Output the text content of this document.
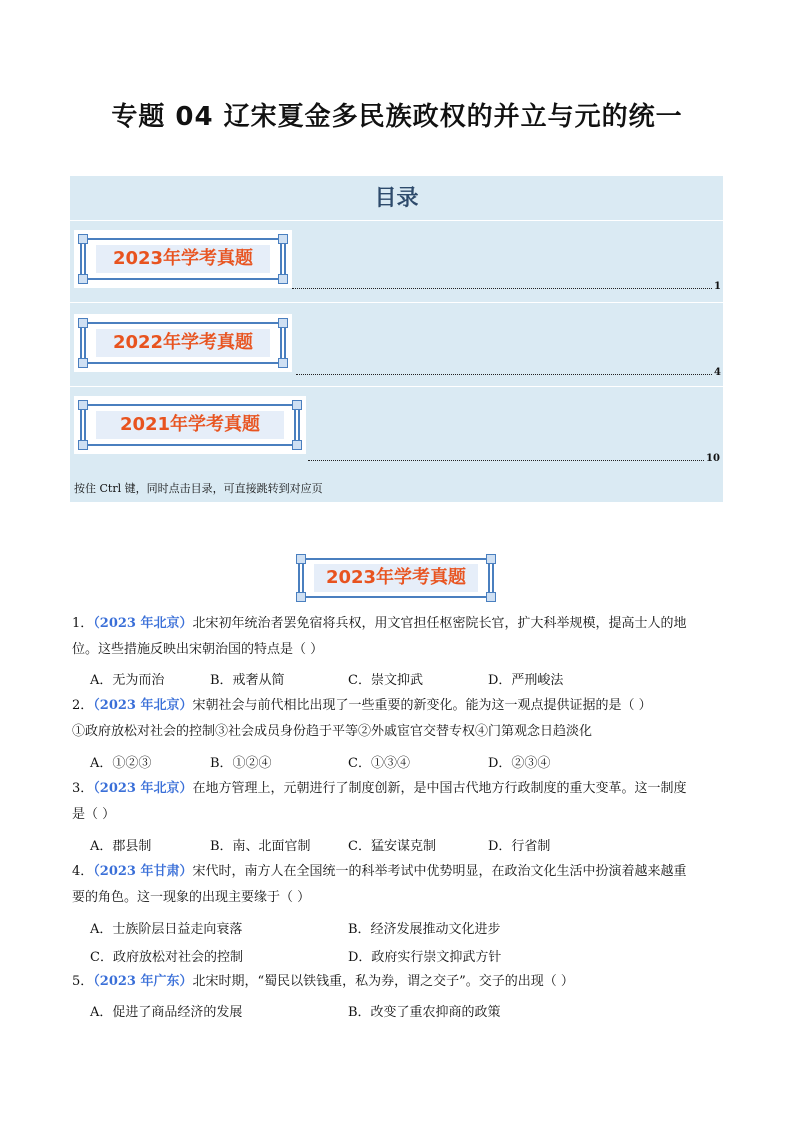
专题 04 辽宋夏金多民族政权的并立与元的统一
目录
2023年学考真题
1
2022年学考真题
4
2021年学考真题
10
按住 Ctrl 键，同时点击目录，可直接跳转到对应页
2023年学考真题
1．（2023 年北京）北宋初年统治者罢免宿将兵权，用文官担任枢密院长官，扩大科举规模，提高士人的地
位。这些措施反映出宋朝治国的特点是（ ）
A．无为而治	B．戒奢从简	C．崇文抑武	D．严刑峻法
2．（2023 年北京）宋朝社会与前代相比出现了一些重要的新变化。能为这一观点提供证据的是（ ）
①政府放松对社会的控制③社会成员身份趋于平等②外戚宦官交替专权④门第观念日趋淡化
A．①②③	B．①②④	C．①③④	D．②③④
3．（2023 年北京）在地方管理上，元朝进行了制度创新，是中国古代地方行政制度的重大变革。这一制度
是（ ）
A．郡县制	B．南、北面官制	C．猛安谋克制	D．行省制
4．（2023 年甘肃）宋代时，南方人在全国统一的科举考试中优势明显，在政治文化生活中扮演着越来越重
要的角色。这一现象的出现主要缘于（ ）
A．士族阶层日益走向衰落	B．经济发展推动文化进步
C．政府放松对社会的控制	D．政府实行崇文抑武方针
5．（2023 年广东）北宋时期，“蜀民以铁钱重，私为券，谓之交子”。交子的出现（ ）
A．促进了商品经济的发展	B．改变了重农抑商的政策
